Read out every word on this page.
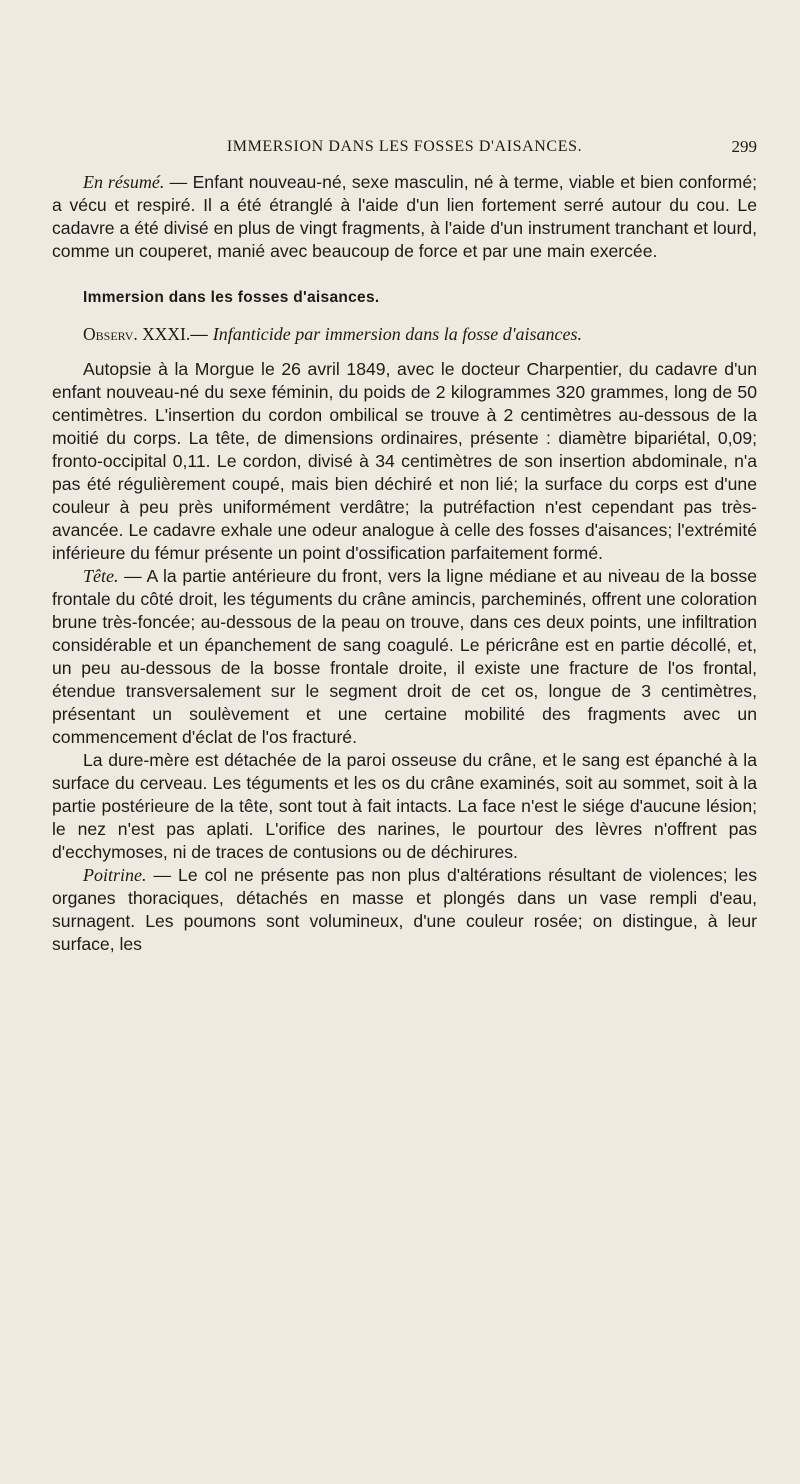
IMMERSION DANS LES FOSSES D'AISANCES.	299

En résumé. — Enfant nouveau-né, sexe masculin, né à terme, viable et bien conformé; a vécu et respiré. Il a été étranglé à l'aide d'un lien fortement serré autour du cou. Le cadavre a été divisé en plus de vingt fragments, à l'aide d'un instrument tranchant et lourd, comme un couperet, manié avec beaucoup de force et par une main exercée.

Immersion dans les fosses d'aisances.

Observ. XXXI.— Infanticide par immersion dans la fosse d'aisances.

Autopsie à la Morgue le 26 avril 1849, avec le docteur Charpentier, du cadavre d'un enfant nouveau-né du sexe féminin, du poids de 2 kilogrammes 320 grammes, long de 50 centimètres. L'insertion du cordon ombilical se trouve à 2 centimètres au-dessous de la moitié du corps. La tête, de dimensions ordinaires, présente : diamètre bipariétal, 0,09; fronto-occipital 0,11. Le cordon, divisé à 34 centimètres de son insertion abdominale, n'a pas été régulièrement coupé, mais bien déchiré et non lié; la surface du corps est d'une couleur à peu près uniformément verdâtre; la putréfaction n'est cependant pas très-avancée. Le cadavre exhale une odeur analogue à celle des fosses d'aisances; l'extrémité inférieure du fémur présente un point d'ossification parfaitement formé.

Tête. — A la partie antérieure du front, vers la ligne médiane et au niveau de la bosse frontale du côté droit, les téguments du crâne amincis, parcheminés, offrent une coloration brune très-foncée; au-dessous de la peau on trouve, dans ces deux points, une infiltration considérable et un épanchement de sang coagulé. Le péricrâne est en partie décollé, et, un peu au-dessous de la bosse frontale droite, il existe une fracture de l'os frontal, étendue transversalement sur le segment droit de cet os, longue de 3 centimètres, présentant un soulèvement et une certaine mobilité des fragments avec un commencement d'éclat de l'os fracturé.

La dure-mère est détachée de la paroi osseuse du crâne, et le sang est épanché à la surface du cerveau. Les téguments et les os du crâne examinés, soit au sommet, soit à la partie postérieure de la tête, sont tout à fait intacts. La face n'est le siége d'aucune lésion; le nez n'est pas aplati. L'orifice des narines, le pourtour des lèvres n'offrent pas d'ecchymoses, ni de traces de contusions ou de déchirures.

Poitrine. — Le col ne présente pas non plus d'altérations résultant de violences; les organes thoraciques, détachés en masse et plongés dans un vase rempli d'eau, surnagent. Les poumons sont volumineux, d'une couleur rosée; on distingue, à leur surface, les
